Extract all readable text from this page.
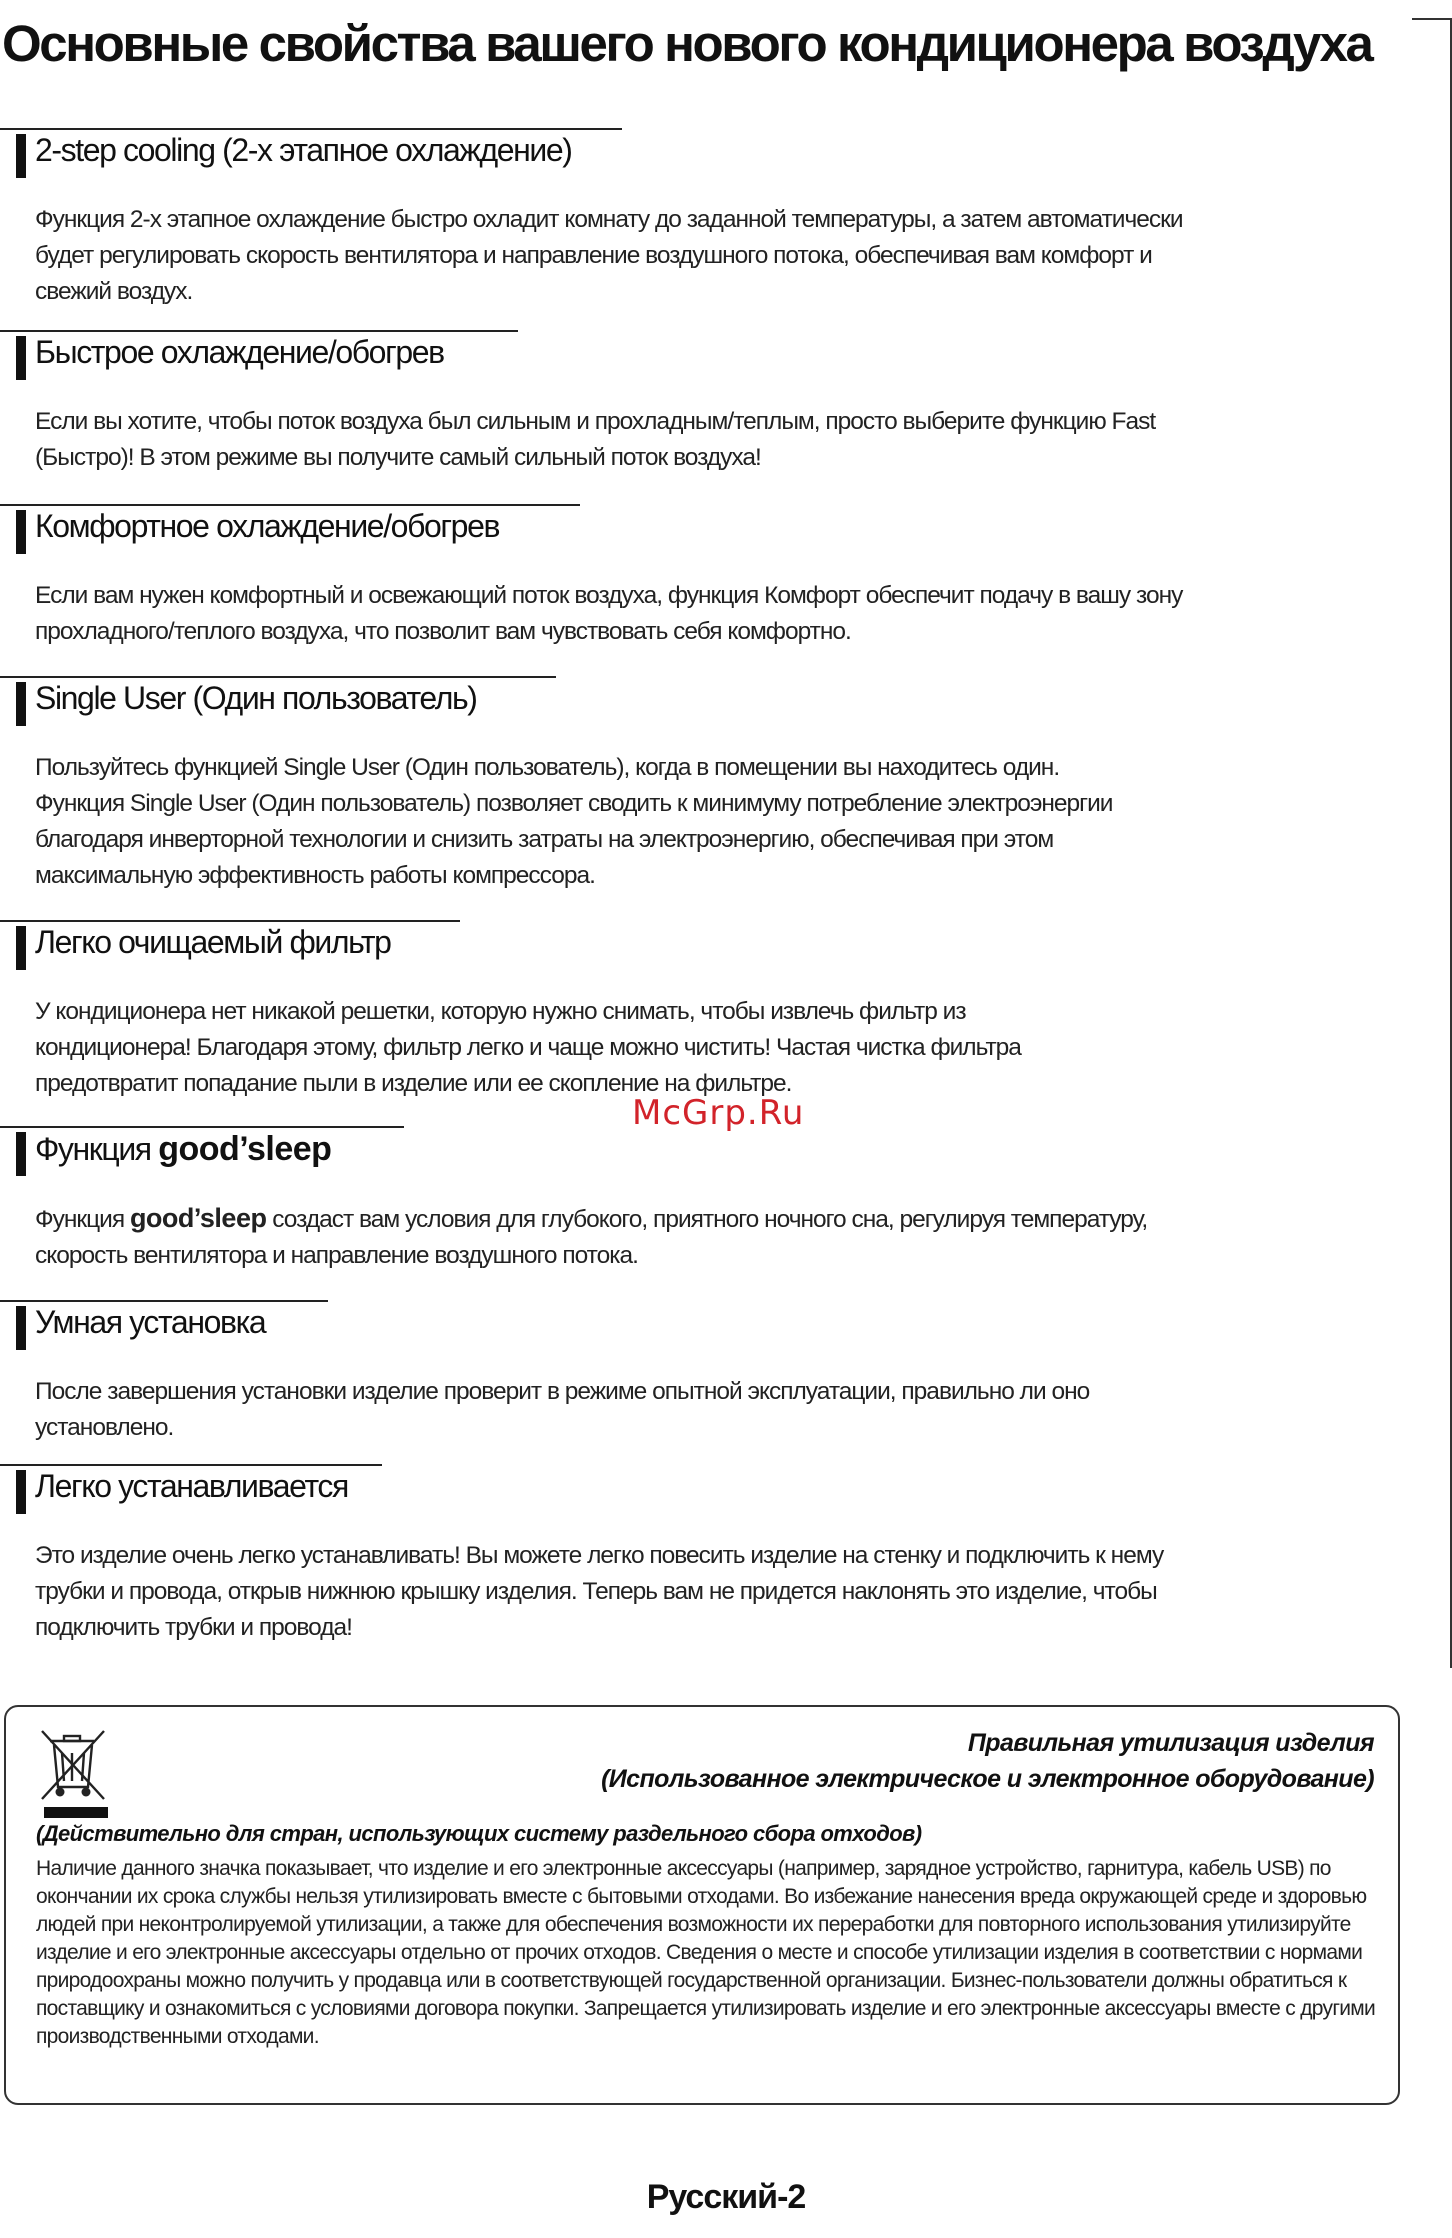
Основные свойства вашего нового кондиционера воздуха
2-step cooling (2-х этапное охлаждение)

Функция 2-х этапное охлаждение быстро охладит комнату до заданной температуры, а затем автоматически будет регулировать скорость вентилятора и направление воздушного потока, обеспечивая вам комфорт и свежий воздух.

Быстрое охлаждение/обогрев

Если вы хотите, чтобы поток воздуха был сильным и прохладным/теплым, просто выберите функцию Fast (Быстро)! В этом режиме вы получите самый сильный поток воздуха!

Комфортное охлаждение/обогрев

Если вам нужен комфортный и освежающий поток воздуха, функция Комфорт обеспечит подачу в вашу зону прохладного/теплого воздуха, что позволит вам чувствовать себя комфортно.

Single User (Один пользователь)

Пользуйтесь функцией Single User (Один пользователь), когда в помещении вы находитесь один. Функция Single User (Один пользователь) позволяет сводить к минимуму потребление электроэнергии благодаря инверторной технологии и снизить затраты на электроэнергию, обеспечивая при этом максимальную эффективность работы компрессора.

Легко очищаемый фильтр

У кондиционера нет никакой решетки, которую нужно снимать, чтобы извлечь фильтр из кондиционера! Благодаря этому, фильтр легко и чаще можно чистить! Частая чистка фильтра предотвратит попадание пыли в изделие или ее скопление на фильтре.

Функция good’sleep

Функция good’sleep создаст вам условия для глубокого, приятного ночного сна, регулируя температуру, скорость вентилятора и направление воздушного потока.

Умная установка

После завершения установки изделие проверит в режиме опытной эксплуатации, правильно ли оно установлено.

Легко устанавливается

Это изделие очень легко устанавливать! Вы можете легко повесить изделие на стенку и подключить к нему трубки и провода, открыв нижнюю крышку изделия. Теперь вам не придется наклонять это изделие, чтобы подключить трубки и провода!

McGrp.Ru

Правильная утилизация изделия

(Использованное электрическое и электронное оборудование)

(Действительно для стран, использующих систему раздельного сбора отходов)

Наличие данного значка показывает, что изделие и его электронные аксессуары (например, зарядное устройство, гарнитура, кабель USB) по окончании их срока службы нельзя утилизировать вместе с бытовыми отходами. Во избежание нанесения вреда окружающей среде и здоровью людей при неконтролируемой утилизации, а также для обеспечения возможности их переработки для повторного использования утилизируйте изделие и его электронные аксессуары отдельно от прочих отходов. Сведения о месте и способе утилизации изделия в соответствии с нормами природоохраны можно получить у продавца или в соответствующей государственной организации. Бизнес-пользователи должны обратиться к поставщику и ознакомиться с условиями договора покупки. Запрещается утилизировать изделие и его электронные аксессуары вместе с другими производственными отходами.

Русский-2
